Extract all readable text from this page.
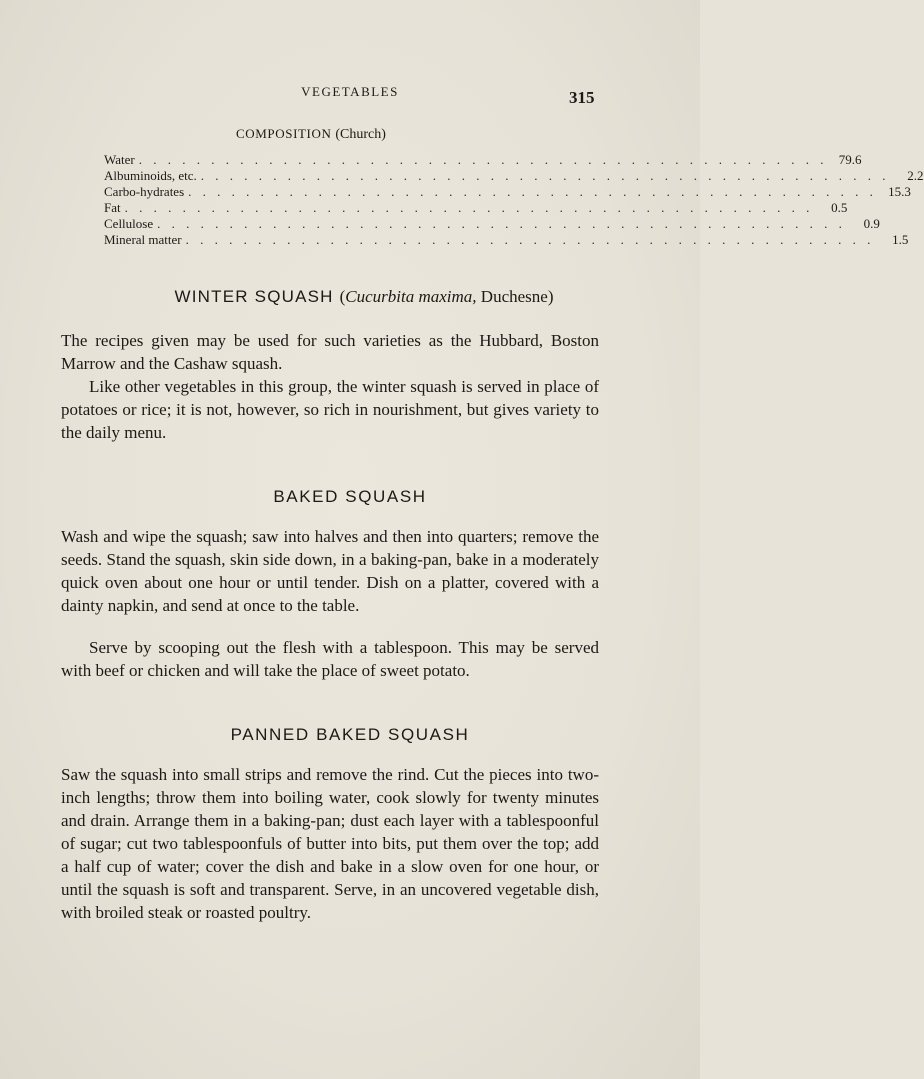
VEGETABLES	315
COMPOSITION (Church)
Water . . . . . . . . . . . . . . . . . . . . . . . . . . . . . . . . . . . . . . . . . . . . . . . . 79.6
Albuminoids, etc. . . . . . . . . . . . . . . . . . . . . . . . . . . . . . . . . . . . . . . . . . . . . . . . .	2.2
Carbo-hydrates . . . . . . . . . . . . . . . . . . . . . . . . . . . . . . . . . . . . . . . . . . . . . . . . 15.3
Fat . . . . . . . . . . . . . . . . . . . . . . . . . . . . . . . . . . . . . . . . . . . . . . . .	0.5
Cellulose . . . . . . . . . . . . . . . . . . . . . . . . . . . . . . . . . . . . . . . . . . . . . . . .	0.9
Mineral matter . . . . . . . . . . . . . . . . . . . . . . . . . . . . . . . . . . . . . . . . . . . . . . . .	1.5
WINTER SQUASH (Cucurbita maxima, Duchesne)

The recipes given may be used for such varieties as the Hubbard, Boston Marrow and the Cashaw squash.

Like other vegetables in this group, the winter squash is served in place of potatoes or rice; it is not, however, so rich in nourishment, but gives variety to the daily menu.

BAKED SQUASH

Wash and wipe the squash; saw into halves and then into quarters; remove the seeds. Stand the squash, skin side down, in a baking-pan, bake in a moderately quick oven about one hour or until tender. Dish on a platter, covered with a dainty napkin, and send at once to the table.

Serve by scooping out the flesh with a tablespoon. This may be served with beef or chicken and will take the place of sweet potato.

PANNED BAKED SQUASH

Saw the squash into small strips and remove the rind. Cut the pieces into two-inch lengths; throw them into boiling water, cook slowly for twenty minutes and drain. Arrange them in a baking-pan; dust each layer with a tablespoonful of sugar; cut two tablespoonfuls of butter into bits, put them over the top; add a half cup of water; cover the dish and bake in a slow oven for one hour, or until the squash is soft and transparent. Serve, in an uncovered vegetable dish, with broiled steak or roasted poultry.
